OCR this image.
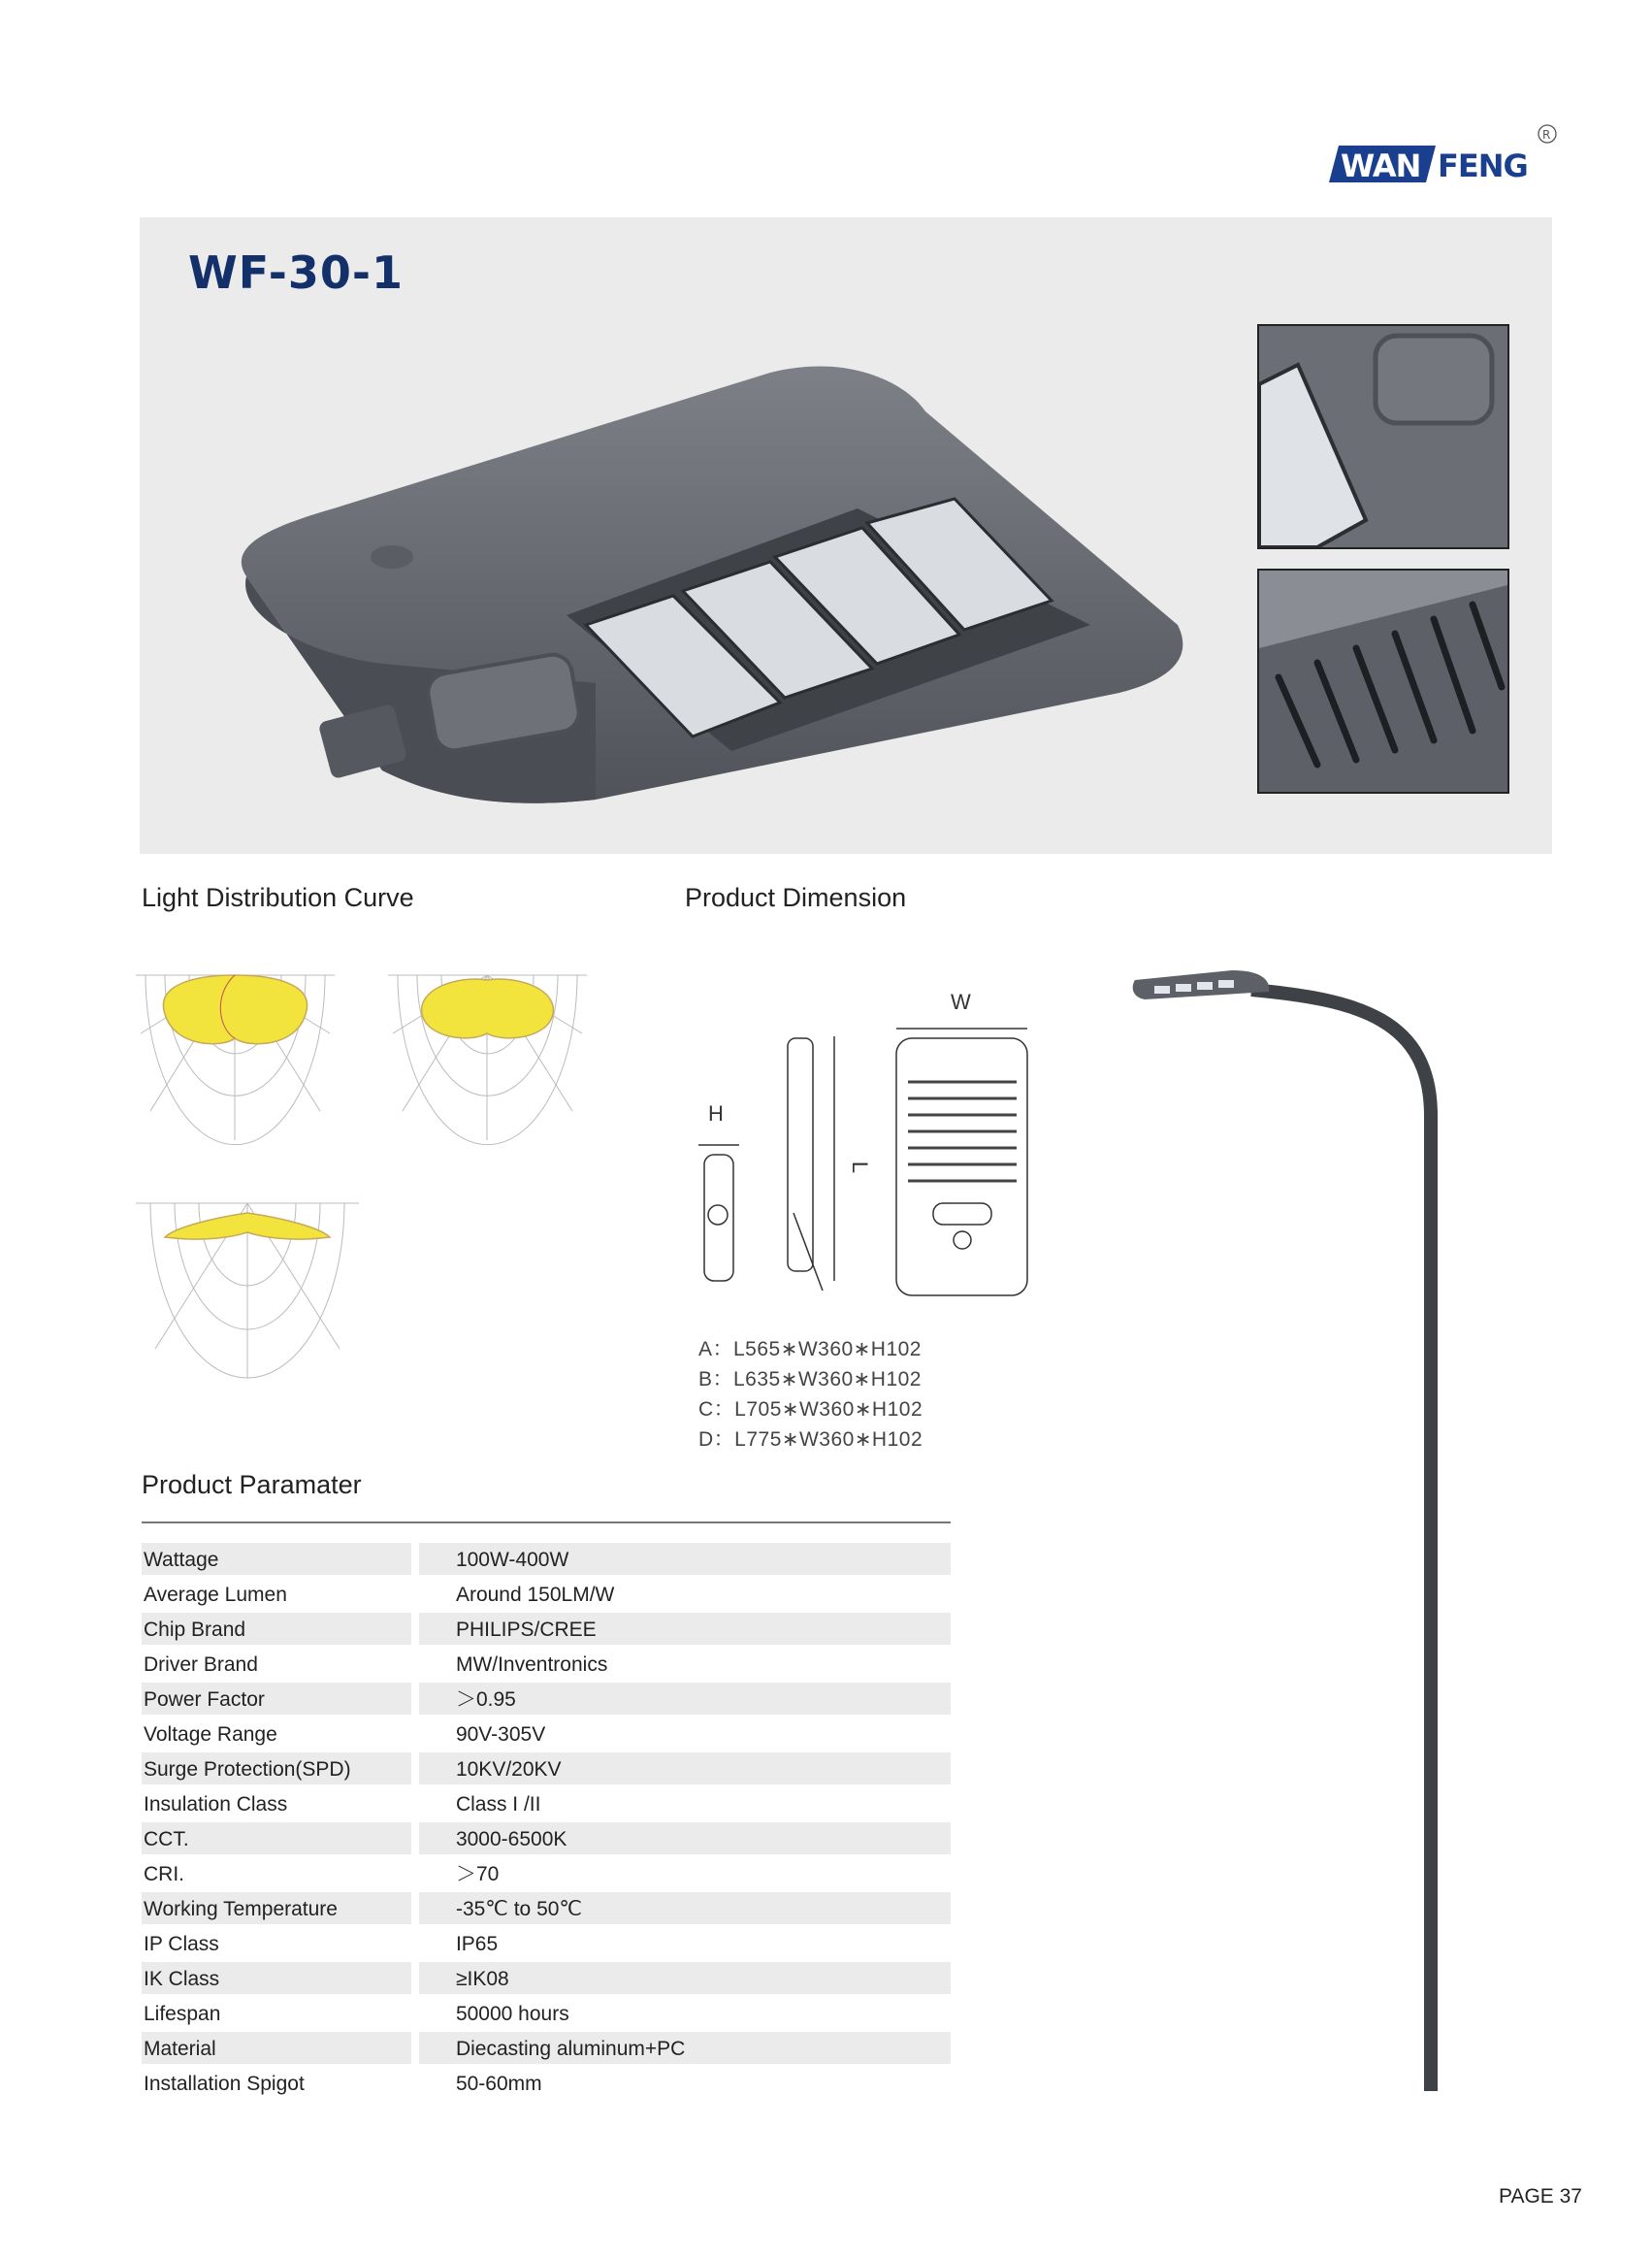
WAN FENG
R
WF-30-1
Light Distribution Curve	Product Dimension
W
H
L
A：L565∗W360∗H102
B：L635∗W360∗H102
C：L705∗W360∗H102
D：L775∗W360∗H102
Product Paramater
Wattage	100W-400W
Average Lumen	Around 150LM/W
Chip Brand	PHILIPS/CREE
Driver Brand	MW/Inventronics
Power Factor	＞0.95
Voltage Range	90V-305V
Surge Protection(SPD)	10KV/20KV
Insulation Class	Class I /II
CCT.	3000-6500K
CRI.	＞70
Working Temperature	-35℃ to 50℃
IP Class	IP65
IK Class	≥IK08
Lifespan	50000 hours
Material	Diecasting aluminum+PC
Installation Spigot	50-60mm
PAGE 37
